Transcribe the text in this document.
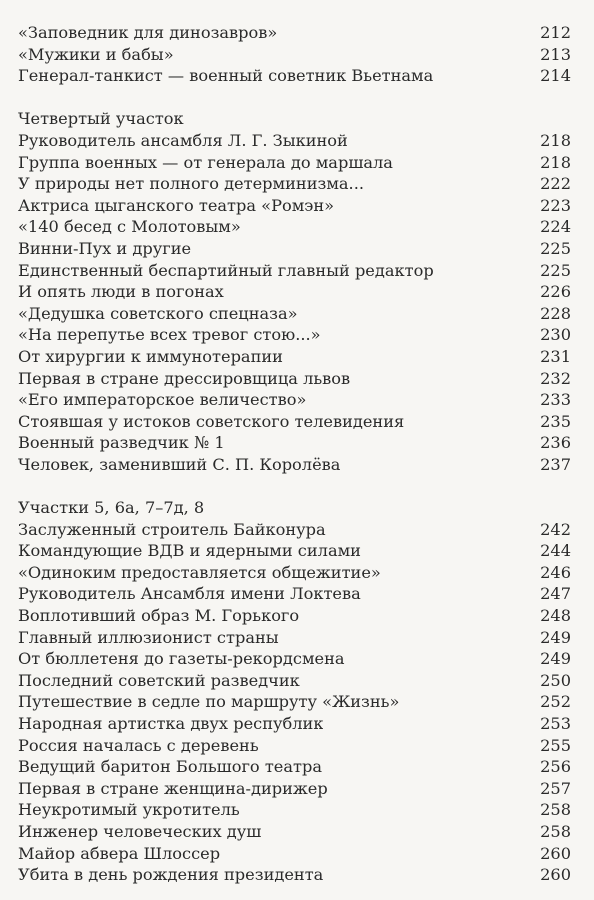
«Заповедник для динозавров»	212
«Мужики и бабы»	213
Генерал-танкист — военный советник Вьетнама	214
Четвертый участок
Руководитель ансамбля Л. Г. Зыкиной	218
Группа военных — от генерала до маршала	218
У природы нет полного детерминизма...	222
Актриса цыганского театра «Ромэн»	223
«140 бесед с Молотовым»	224
Винни-Пух и другие	225
Единственный беспартийный главный редактор	225
И опять люди в погонах	226
«Дедушка советского спецназа»	228
«На перепутье всех тревог стою...»	230
От хирургии к иммунотерапии	231
Первая в стране дрессировщица львов	232
«Его императорское величество»	233
Стоявшая у истоков советского телевидения	235
Военный разведчик № 1	236
Человек, заменивший С. П. Королёва	237
Участки 5, 6а, 7–7д, 8
Заслуженный строитель Байконура	242
Командующие ВДВ и ядерными силами	244
«Одиноким предоставляется общежитие»	246
Руководитель Ансамбля имени Локтева	247
Воплотивший образ М. Горького	248
Главный иллюзионист страны	249
От бюллетеня до газеты-рекордсмена	249
Последний советский разведчик	250
Путешествие в седле по маршруту «Жизнь»	252
Народная артистка двух республик	253
Россия началась с деревень	255
Ведущий баритон Большого театра	256
Первая в стране женщина-дирижер	257
Неукротимый укротитель	258
Инженер человеческих душ	258
Майор абвера Шлоссер	260
Убита в день рождения президента	260
